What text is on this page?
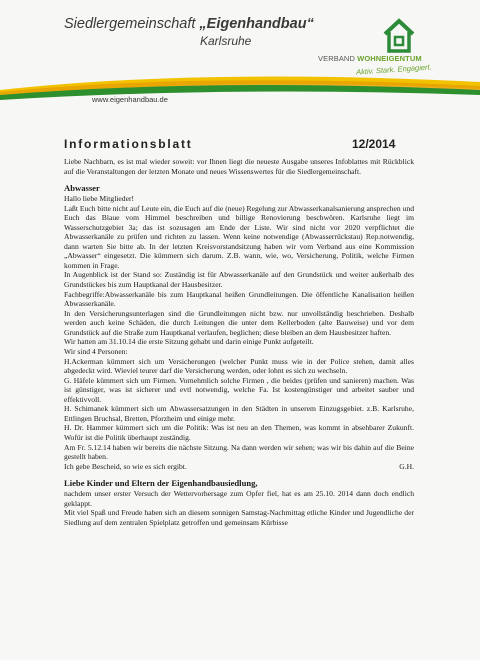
Siedlergemeinschaft „Eigenhandbau“
Karlsruhe
VERBAND WOHNEIGENTUM
Aktiv. Stark. Engagiert.
www.eigenhandbau.de
Informationsblatt	12/2014

Liebe Nachbarn, es ist mal wieder soweit: vor Ihnen liegt die neueste Ausgabe unseres Infoblattes mit Rückblick auf die Veranstaltungen der letzten Monate und neues Wissenswertes für die Siedlergemeinschaft.

Abwasser

Hallo liebe Mitglieder!

Laßt Euch bitte nicht auf Leute ein, die Euch auf die (neue) Regelung zur Abwasserkanalsanierung ansprechen und Euch das Blaue vom Himmel beschreiben und billige Renovierung beschwören. Karlsruhe liegt im Wasserschutzgebiet 3a; das ist sozusagen am Ende der Liste. Wir sind nicht vor 2020 verpflichtet die Abwasserkanäle zu prüfen und richten zu lassen. Wenn keine notwendige (Abwasserrückstau) Rep.notwendig, dann warten Sie bitte ab. In der letzten Kreisvorstandsitzung haben wir vom Verband aus eine Kommission „Abwasser“ eingesetzt. Die kümmern sich darum. Z.B. wann, wie, wo, Versicherung, Politik, welche Firmen kommen in Frage.

In Augenblick ist der Stand so: Zuständig ist für Abwasserkanäle auf den Grundstück und weiter außerhalb des Grundstückes bis zum Hauptkanal der Hausbesitzer.

Fachbegriffe:Abwasserkanäle bis zum Hauptkanal heißen Grundleitungen. Die öffentliche Kanalisation heißen Abwasserkanäle.

In den Versicherungsunterlagen sind die Grundleitungen nicht bzw. nur unvollständig beschrieben. Deshalb werden auch keine Schäden, die durch Leitungen die unter dem Kellerboden (alte Bauweise) und vor dem Grundstück auf die Straße zum Hauptkanal verlaufen, beglichen; diese bleiben an dem Hausbesitzer haften.

Wir hatten am 31.10.14 die erste Sitzung gehabt und darin einige Punkt aufgeteilt.

Wir sind 4 Personen:

H.Ackerman kümmert sich um Versicherungen (welcher Punkt muss wie in der Police stehen, damit alles abgedeckt wird. Wieviel teurer darf die Versicherung werden, oder lohnt es sich zu wechseln.

G. Häfele kümmert sich um Firmen. Vornehmlich solche Firmen , die beides (prüfen und sanieren) machen. Was ist günstiger, was ist sicherer und evtl notwendig, welche Fa. Ist kostengünstiger und arbeitet sauber und effektivvoll.

H. Schimanek kümmert sich um Abwassersatzungen in den Städten in unserem Einzugsgebiet. z.B. Karlsruhe, Ettlingen Bruchsal, Bretten, Pforzheim und einige mehr.

H. Dr. Hammer kümmert sich um die Politik: Was ist neu an den Themen, was kommt in absehbarer Zukunft. Wofür ist die Politik überhaupt zuständig.

Am Fr. 5.12.14 haben wir bereits die nächste Sitzung. Na dann werden wir sehen; was wir bis dahin auf die Beine gestellt haben.

Ich gebe Bescheid, so wie es sich ergibt.	G.H.

Liebe Kinder und Eltern der Eigenhandbausiedlung,

nachdem unser erster Versuch der Wettervorhersage zum Opfer fiel, hat es am 25.10. 2014 dann doch endlich geklappt.

Mit viel Spaß und Freude haben sich an diesem sonnigen Samstag-Nachmittag etliche Kinder und Jugendliche der Siedlung auf dem zentralen Spielplatz getroffen und gemeinsam Kürbisse
